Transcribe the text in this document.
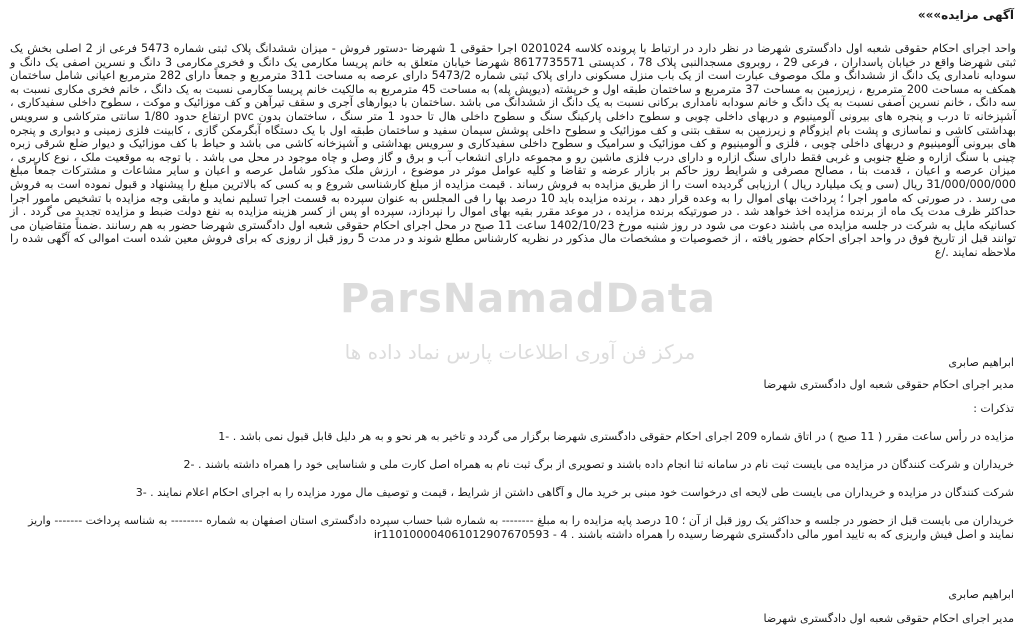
آگهی مزایده»»»

واحد اجرای احکام حقوقی شعبه اول دادگستری شهرضا در نظر دارد در ارتباط با پرونده کلاسه 0201024 اجرا حقوقی 1 شهرضا -دستور فروش - میزان ششدانگ پلاک ثبتی شماره 5473 فرعی از 2 اصلی بخش یک ثبتی شهرضا واقع در خیابان پاسداران ، فرعی 29 ، روبروی مسجدالنبی پلاک 78 ، کدپستی 8617735571 شهرضا خیابان متعلق به خانم پریسا مکارمی یک دانگ و فخری مکارمی 3 دانگ و نسرین اصفی یک دانگ و سودابه نامداری یک دانگ از ششدانگ و ملک موصوف عبارت است از یک باب منزل مسکونی دارای پلاک ثبتی شماره 5473/2 دارای عرصه به مساحت 311 مترمربع و جمعاً دارای 282 مترمربع اعیانی شامل ساختمان همکف به مساحت 200 مترمربع ، زیرزمین به مساحت 37 مترمربع و ساختمان طبقه اول و خرپشته (دیوپش پله) به مساحت 45 مترمربع به مالکیت خانم پریسا مکارمی نسبت به یک دانگ ، خانم فخری مکاری نسبت به سه دانگ ، خانم نسرین آصفی نسبت به یک دانگ و خانم سودابه نامداری برکانی نسبت به یک دانگ از ششدانگ می باشد .ساختمان با دیوارهای آجری و سقف تیرآهن و کف موزائیک و موکت ، سطوح داخلی سفیدکاری ، آشپزخانه تا درب و پنجره های بیرونی آلومینیوم و دربهای داخلی چوبی و سطوح داخلی پارکینگ سنگ و سطوح داخلی هال تا حدود 1 متر سنگ ، ساختمان بدون pvc ارتفاع حدود 1/80 سانتی مترکاشی و سرویس بهداشتی کاشی و نماسازی و پشت بام ایزوگام و زیرزمین به سقف بتنی و کف موزائیک و سطوح داخلی پوشش سیمان سفید و ساختمان طبقه اول با یک دستگاه آبگرمکن گازی ، کابینت فلزی زمینی و دیواری و پنجره های بیرونی آلومینیوم و دربهای داخلی چوبی ، فلزی و آلومینیوم و کف موزائیک و سرامیک و سطوح داخلی سفیدکاری و سرویس بهداشتی و آشپزخانه کاشی می باشد و حیاط با کف موزائیک و دیوار ضلع شرقی زبره چینی با سنگ ازاره و ضلع جنوبی و غربی فقط دارای سنگ ازاره و دارای درب فلزی ماشین رو و مجموعه دارای انشعاب آب و برق و گاز وصل و چاه موجود در محل می باشد . با توجه به موقعیت ملک ، نوع کاربری ، میزان عرصه و اعیان ، قدمت بنا ، مصالح مصرفی و شرایط روز حاکم بر بازار عرضه و تقاضا و کلیه عوامل موثر در موضوع ، ارزش ملک مذکور شامل عرصه و اعیان و سایر مشاعات و مشترکات جمعاً مبلغ 31/000/000/000 ریال (سی و یک میلیارد ریال ) ارزیابی گردیده است را از طریق مزایده به فروش رساند . قیمت مزایده از مبلغ کارشناسی شروع و به کسی که بالاترین مبلغ را پیشنهاد و قبول نموده است به فروش می رسد . در صورتی که مامور اجرا ؛ پرداخت بهای اموال را به وعده قرار دهد ، برنده مزایده باید 10 درصد بها را فی المجلس به عنوان سپرده به قسمت اجرا تسلیم نماید و مابقی وجه مزایده با تشخیص مامور اجرا حداکثر ظرف مدت یک ماه از برنده مزایده اخذ خواهد شد . در صورتیکه برنده مزایده ، در موعد مقرر بقیه بهای اموال را نپردازد، سپرده او پس از کسر هزینه مزایده به نفع دولت ضبط و مزایده تجدید می گردد . از کسانیکه مایل به شرکت در جلسه مزایده می باشند دعوت می شود در روز شنبه مورخ 1402/10/23 ساعت 11 صبح در محل اجرای احکام حقوقی شعبه اول دادگستری شهرضا حضور به هم رسانند .ضمناً متقاضیان می توانند قبل از تاریخ فوق در واحد اجرای احکام حضور یافته ، از خصوصیات و مشخصات مال مذکور در نظریه کارشناس مطلع شوند و در مدت 5 روز قبل از روزی که برای فروش معین شده است اموالی که آگهی شده را ملاحظه نمایند ./ع

ParsNamadData
مرکز فن آوری اطلاعات پارس نماد داده ها	ابراهیم صابری
مدیر اجرای احکام حقوقی شعبه اول دادگستری شهرضا
تذکرات :

مزایده در رأس ساعت مقرر ( 11 صبح ) در اتاق شماره 209 اجرای احکام حقوقی دادگستری شهرضا برگزار می گردد و تاخیر به هر نحو و به هر دلیل قابل قبول نمی باشد . -1

خریداران و شرکت کنندگان در مزایده می بایست ثبت نام در سامانه ثنا انجام داده باشند و تصویری از برگ ثبت نام به همراه اصل کارت ملی و شناسایی خود را همراه داشته باشند . -2

شرکت کنندگان در مزایده و خریداران می بایست طی لایحه ای درخواست خود مبنی بر خرید مال و آگاهی داشتن از شرایط ، قیمت و توصیف مال مورد مزایده را به اجرای احکام اعلام نمایند . -3

خریداران می بایست قبل از حضور در جلسه و حداکثر یک روز قبل از آن ؛ 10 درصد پایه مزایده را به مبلغ -------- به شماره شبا حساب سپرده دادگستری استان اصفهان به شماره -------- به شناسه پرداخت ------- واریز نمایند و اصل فیش واریزی که به تایید امور مالی دادگستری شهرضا رسیده را همراه داشته باشند . ir110100004061012907670593 - 4

ابراهیم صابری
مدیر اجرای احکام حقوقی شعبه اول دادگستری شهرضا
